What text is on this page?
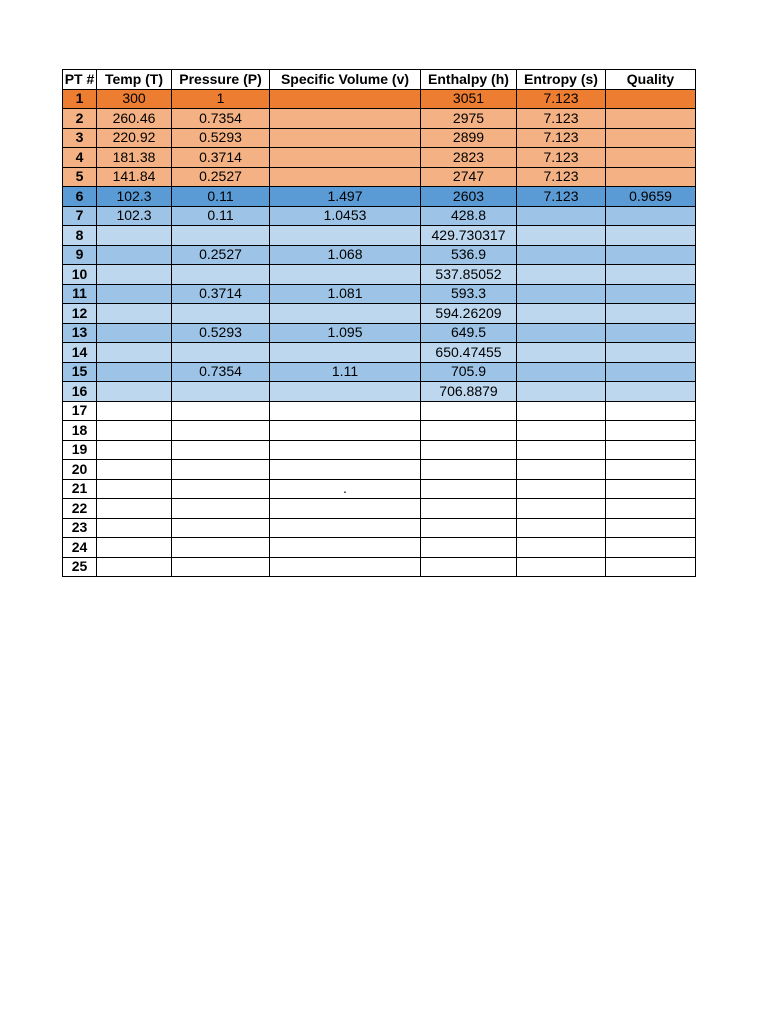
PT #	Temp (T)	Pressure (P)	Specific Volume (v)	Enthalpy (h)	Entropy (s)	Quality
1	300	1		3051	7.123	
2	260.46	0.7354		2975	7.123	
3	220.92	0.5293		2899	7.123	
4	181.38	0.3714		2823	7.123	
5	141.84	0.2527		2747	7.123	
6	102.3	0.11	1.497	2603	7.123	0.9659
7	102.3	0.11	1.0453	428.8		
8				429.730317		
9		0.2527	1.068	536.9		
10				537.85052		
11		0.3714	1.081	593.3		
12				594.26209		
13		0.5293	1.095	649.5		
14				650.47455		
15		0.7354	1.11	705.9		
16				706.8879		
17						
18						
19						
20						
21			.			
22						
23						
24						
25						
